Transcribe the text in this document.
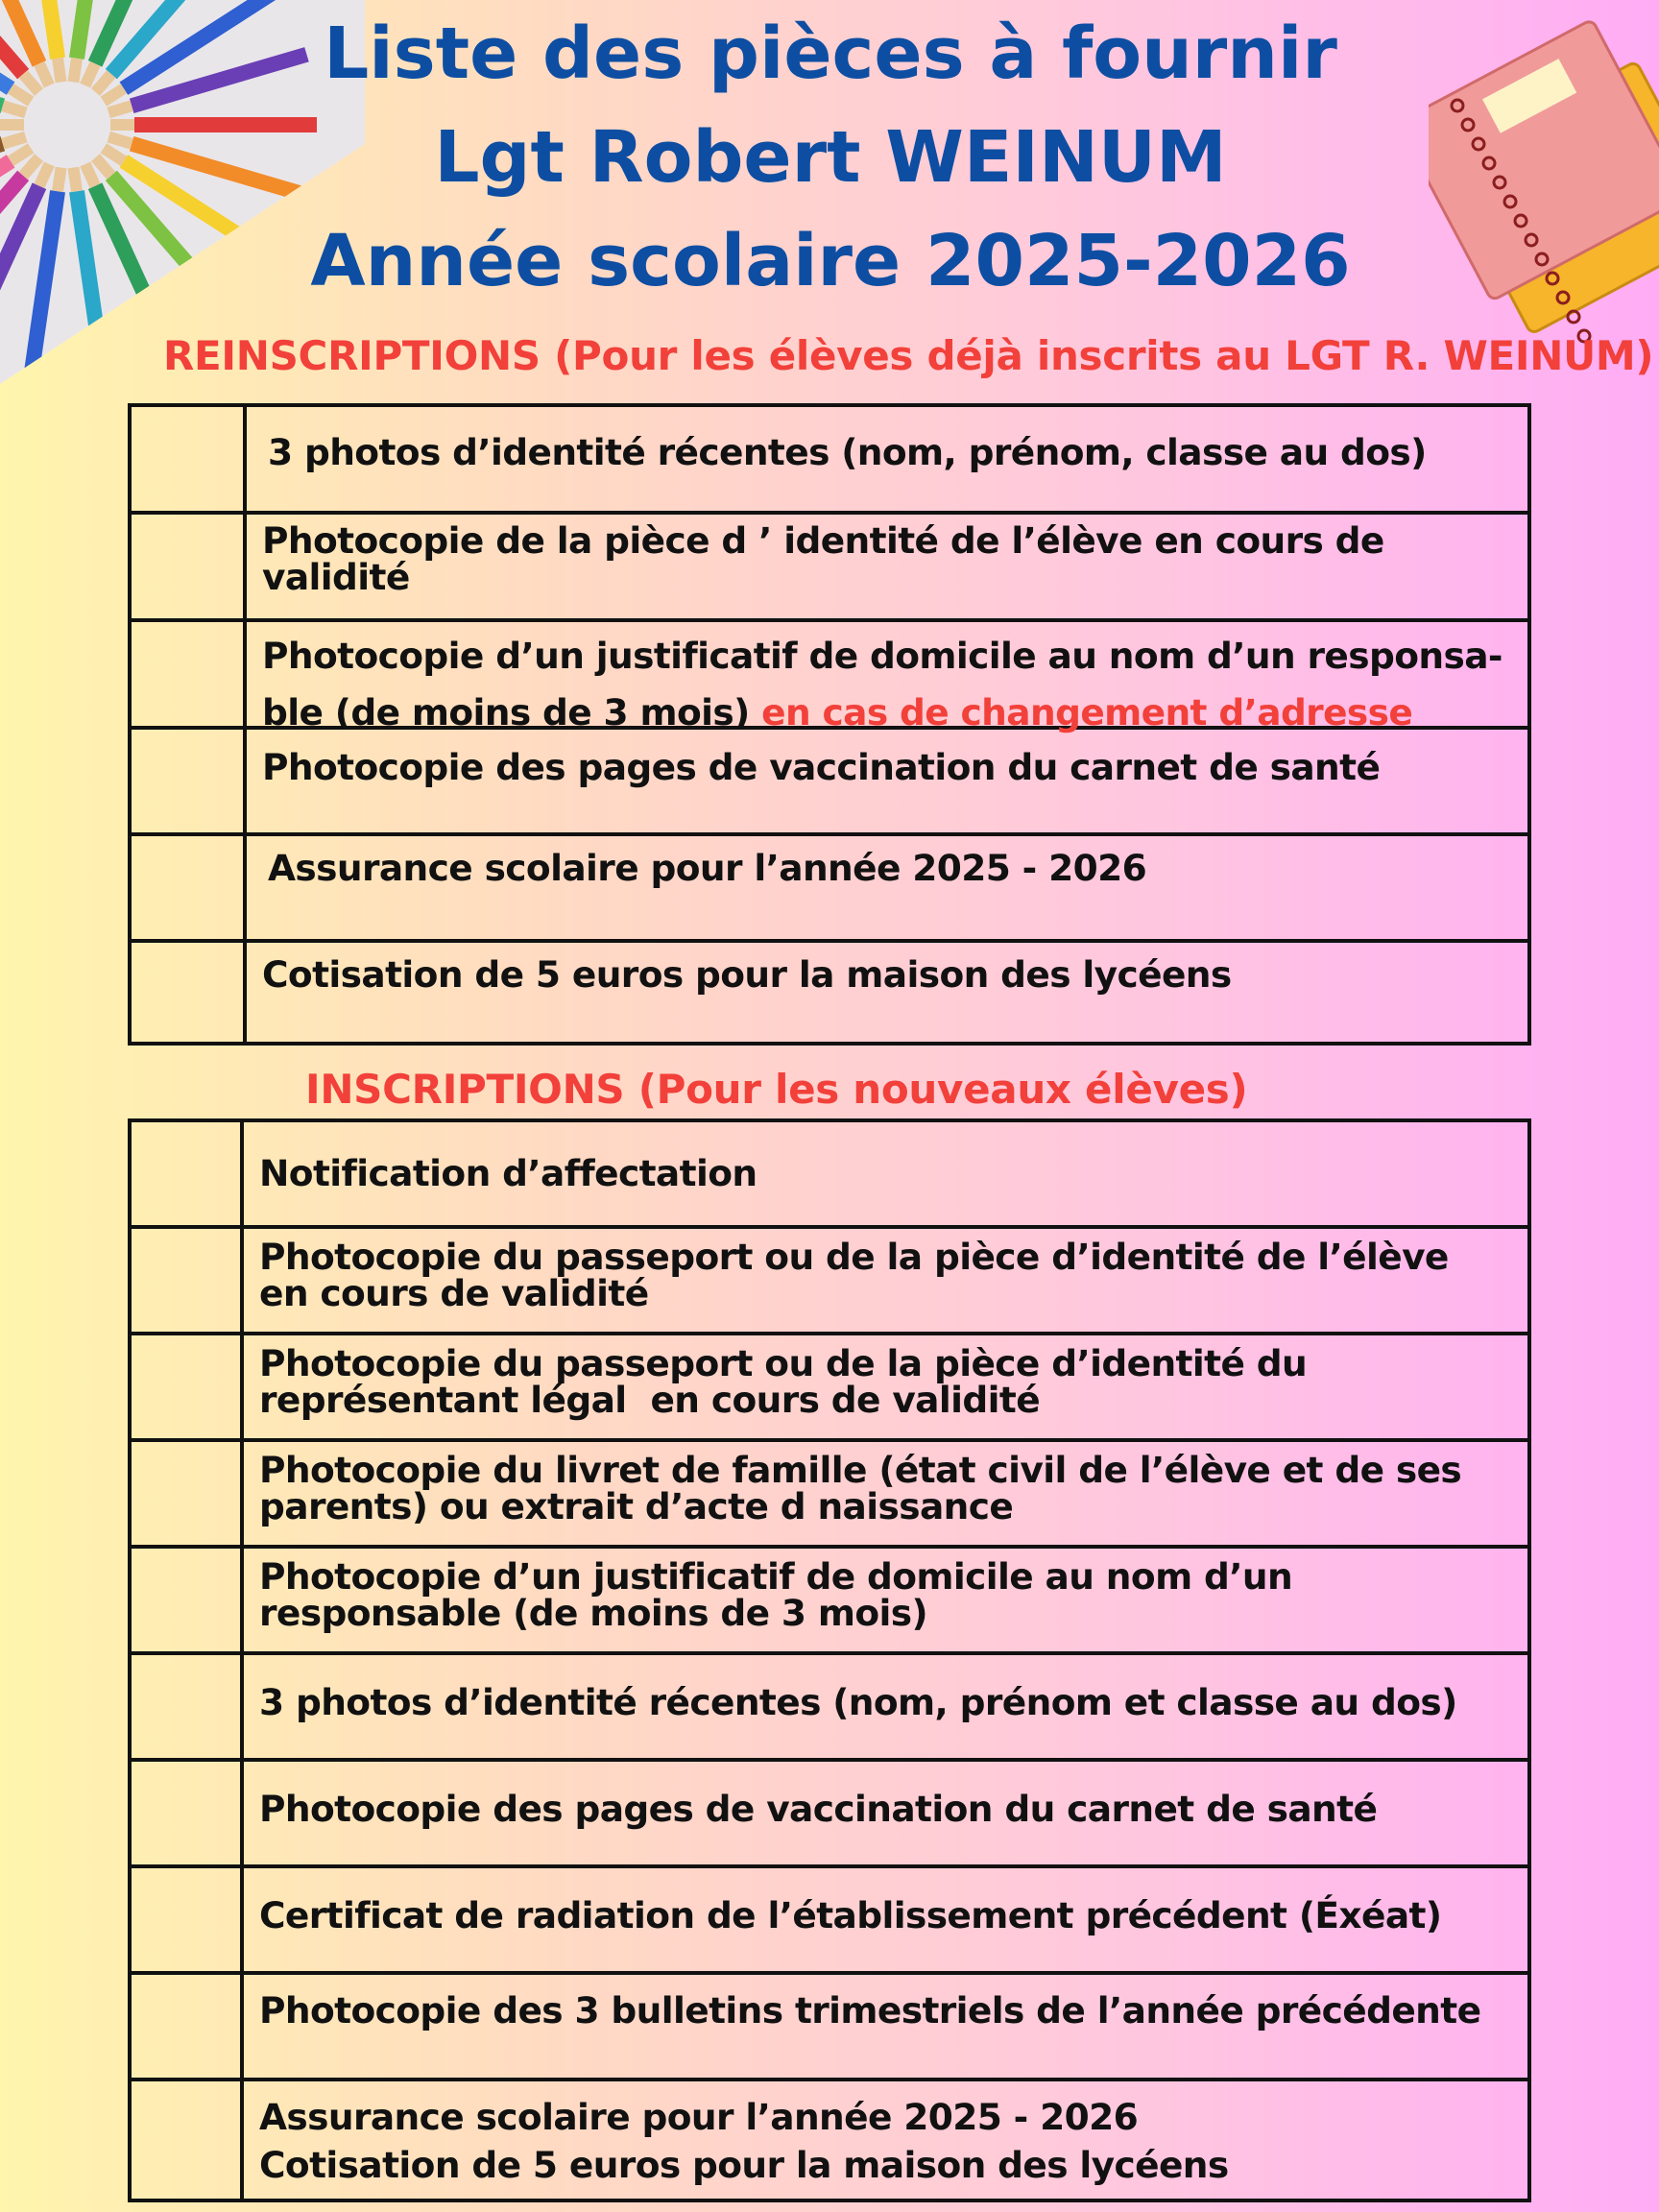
Liste des pièces à fournir
Lgt Robert WEINUM
Année scolaire 2025-2026
REINSCRIPTIONS (Pour les élèves déjà inscrits au LGT R. WEINUM)
3 photos d’identité récentes (nom, prénom, classe au dos)
Photocopie de la pièce d ’ identité de l’élève en cours de
validité
Photocopie d’un justificatif de domicile au nom d’un responsa-
ble (de moins de 3 mois) en cas de changement d’adresse
Photocopie des pages de vaccination du carnet de santé
Assurance scolaire pour l’année 2025 - 2026
Cotisation de 5 euros pour la maison des lycéens
INSCRIPTIONS (Pour les nouveaux élèves)
Notification d’affectation
Photocopie du passeport ou de la pièce d’identité de l’élève
en cours de validité
Photocopie du passeport ou de la pièce d’identité du
représentant légal  en cours de validité
Photocopie du livret de famille (état civil de l’élève et de ses
parents) ou extrait d’acte d naissance
Photocopie d’un justificatif de domicile au nom d’un
responsable (de moins de 3 mois)
3 photos d’identité récentes (nom, prénom et classe au dos)
Photocopie des pages de vaccination du carnet de santé
Certificat de radiation de l’établissement précédent (Éxéat)
Photocopie des 3 bulletins trimestriels de l’année précédente
Assurance scolaire pour l’année 2025 - 2026
Cotisation de 5 euros pour la maison des lycéens
